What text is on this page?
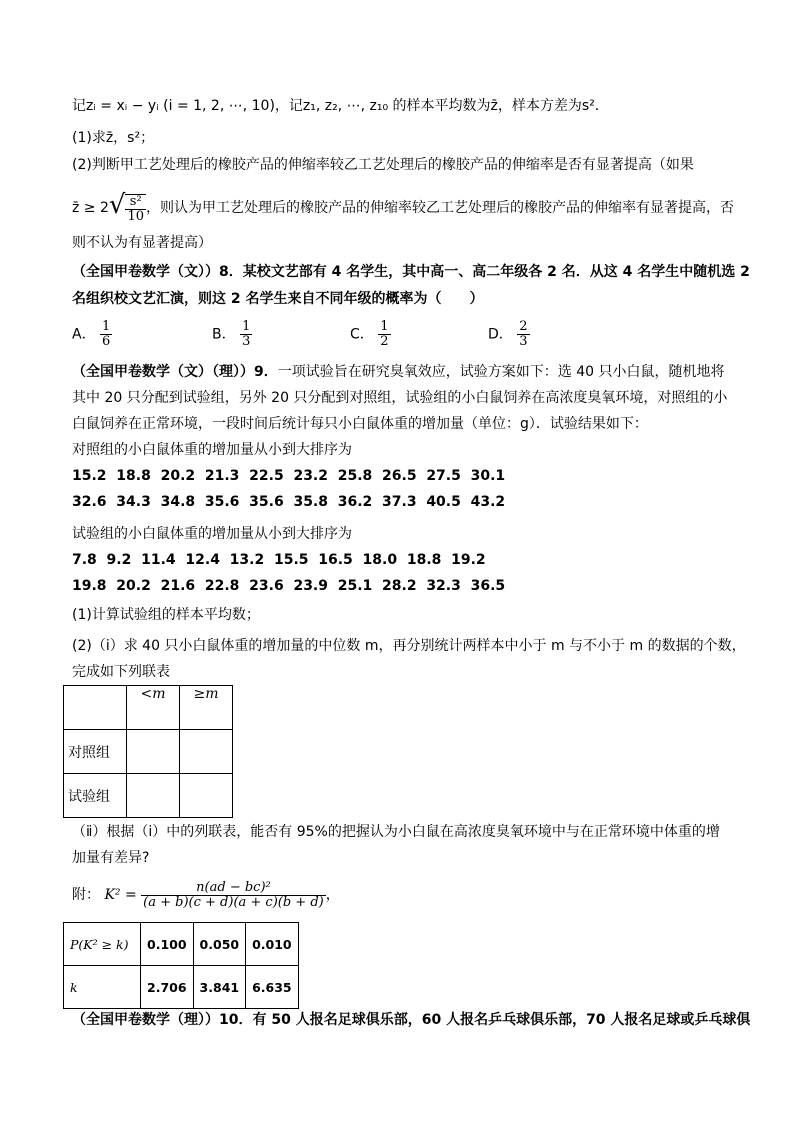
记zᵢ = xᵢ − yᵢ (i = 1, 2, ⋯, 10)，记z₁, z₂, ⋯, z₁₀ 的样本平均数为z̄，样本方差为s²．
(1)求z̄，s²；
(2)判断甲工艺处理后的橡胶产品的伸缩率较乙工艺处理后的橡胶产品的伸缩率是否有显著提高（如果
z̄ ≥ $2√ \frac{\text{s²}}{10}$ ，则认为甲工艺处理后的橡胶产品的伸缩率较乙工艺处理后的橡胶产品的伸缩率有显著提高，否
则不认为有显著提高）
（全国甲卷数学（文））8．某校文艺部有 4 名学生，其中高一、高二年级各 2 名．从这 4 名学生中随机选 2
名组织校文艺汇演，则这 2 名学生来自不同年级的概率为（　　）
A． $\frac{1}{6}$	B． $\frac{1}{3}$	C． $\frac{1}{2}$	D． $\frac{2}{3}$
（全国甲卷数学（文）（理））9．一项试验旨在研究臭氧效应，试验方案如下：选 40 只小白鼠，随机地将
其中 20 只分配到试验组，另外 20 只分配到对照组，试验组的小白鼠饲养在高浓度臭氧环境，对照组的小
白鼠饲养在正常环境，一段时间后统计每只小白鼠体重的增加量（单位：g）．试验结果如下：
对照组的小白鼠体重的增加量从小到大排序为
15.2  18.8  20.2  21.3  22.5  23.2  25.8  26.5  27.5  30.1
32.6  34.3  34.8  35.6  35.6  35.8  36.2  37.3  40.5  43.2
试验组的小白鼠体重的增加量从小到大排序为
7.8  9.2  11.4  12.4  13.2  15.5  16.5  18.0  18.8  19.2
19.8  20.2  21.6  22.8  23.6  23.9  25.1  28.2  32.3  36.5
(1)计算试验组的样本平均数；
(2)（ⅰ）求 40 只小白鼠体重的增加量的中位数 m，再分别统计两样本中小于 m 与不小于 m 的数据的个数，
完成如下列联表
	<m	≥m
对照组		
试验组		
（ⅱ）根据（ⅰ）中的列联表，能否有 95%的把握认为小白鼠在高浓度臭氧环境中与在正常环境中体重的增
加量有差异?
附： $K^2 = \frac{\text{n(ad − bc)²}}{(a + b)(c + d)(a + c)(b + d)}$ ，
P(K² ≥ k)	0.100	0.050	0.010
k	2.706	3.841	6.635
（全国甲卷数学（理））10．有 50 人报名足球俱乐部，60 人报名乒乓球俱乐部，70 人报名足球或乒乓球俱
